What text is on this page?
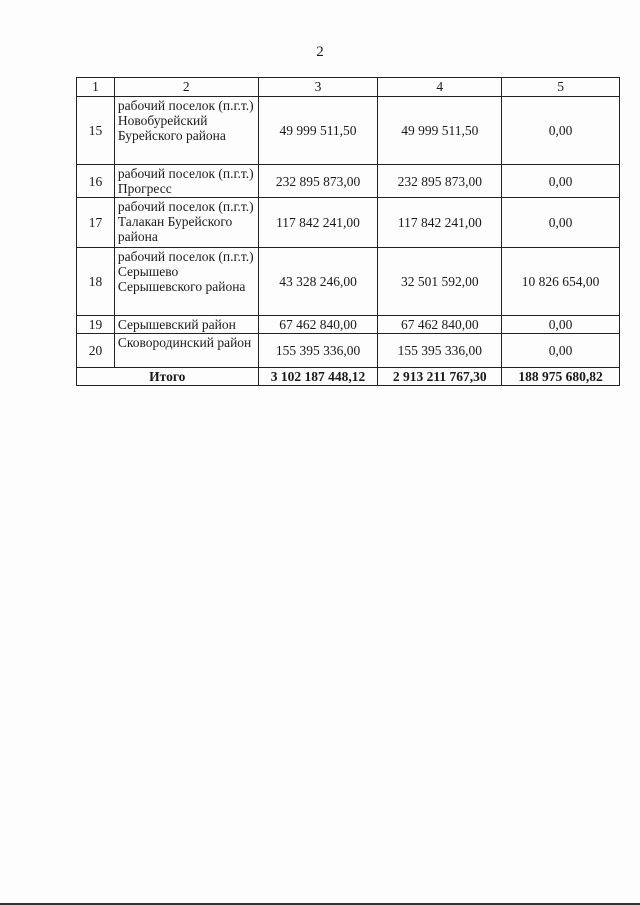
2
1	2	3	4	5
15	рабочий поселок (п.г.т.) Новобурейский Бурейского района	49 999 511,50	49 999 511,50	0,00
16	рабочий поселок (п.г.т.) Прогресс	232 895 873,00	232 895 873,00	0,00
17	рабочий поселок (п.г.т.) Талакан Бурейского района	117 842 241,00	117 842 241,00	0,00
18	рабочий поселок (п.г.т.) Серышево Серышевского района	43 328 246,00	32 501 592,00	10 826 654,00
19	Серышевский район	67 462 840,00	67 462 840,00	0,00
20	Сковородинский район	155 395 336,00	155 395 336,00	0,00
Итого		3 102 187 448,12	2 913 211 767,30	188 975 680,82
